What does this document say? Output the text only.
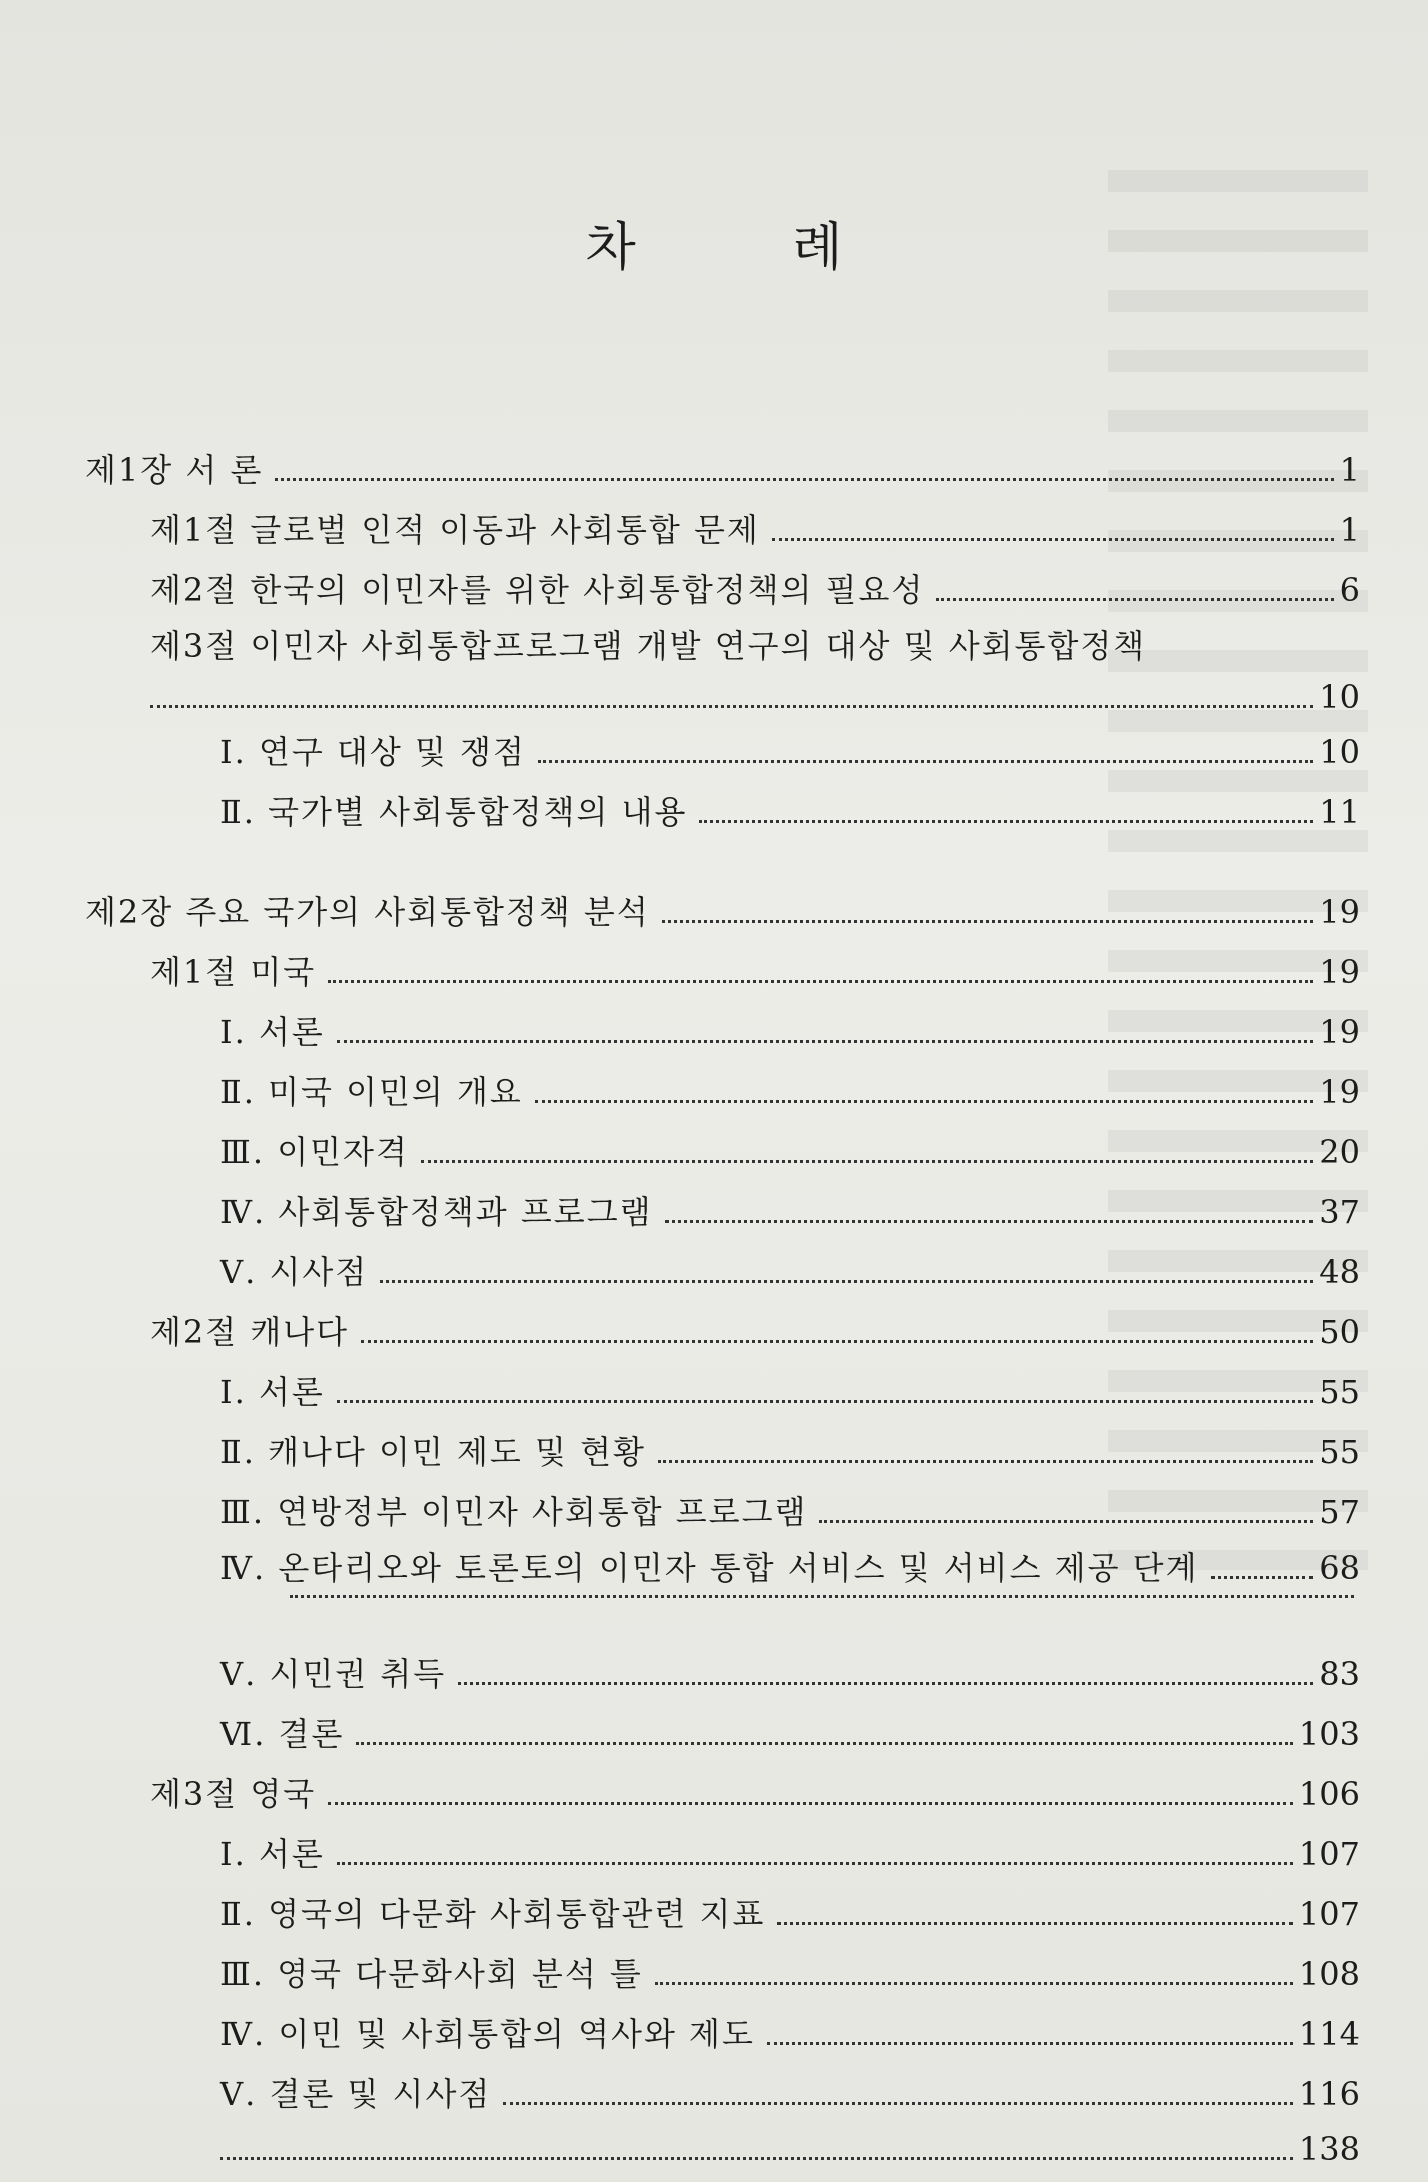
차 례
제1장 서 론	1
제1절 글로벌 인적 이동과 사회통합 문제	1
제2절 한국의 이민자를 위한 사회통합정책의 필요성	6
제3절 이민자 사회통합프로그램 개발 연구의 대상 및 사회통합정책
10
Ⅰ. 연구 대상 및 쟁점	10
Ⅱ. 국가별 사회통합정책의 내용	11
제2장 주요 국가의 사회통합정책 분석	19
제1절 미국	19
Ⅰ. 서론	19
Ⅱ. 미국 이민의 개요	19
Ⅲ. 이민자격	20
Ⅳ. 사회통합정책과 프로그램	37
Ⅴ. 시사점	48
제2절 캐나다	50
Ⅰ. 서론	55
Ⅱ. 캐나다 이민 제도 및 현황	55
Ⅲ. 연방정부 이민자 사회통합 프로그램	57
Ⅳ. 온타리오와 토론토의 이민자 통합 서비스 및 서비스 제공 단계	68
Ⅴ. 시민권 취득	83
Ⅵ. 결론	103
제3절 영국	106
Ⅰ. 서론	107
Ⅱ. 영국의 다문화 사회통합관련 지표	107
Ⅲ. 영국 다문화사회 분석 틀	108
Ⅳ. 이민 및 사회통합의 역사와 제도	114
Ⅴ. 결론 및 시사점	116
138
